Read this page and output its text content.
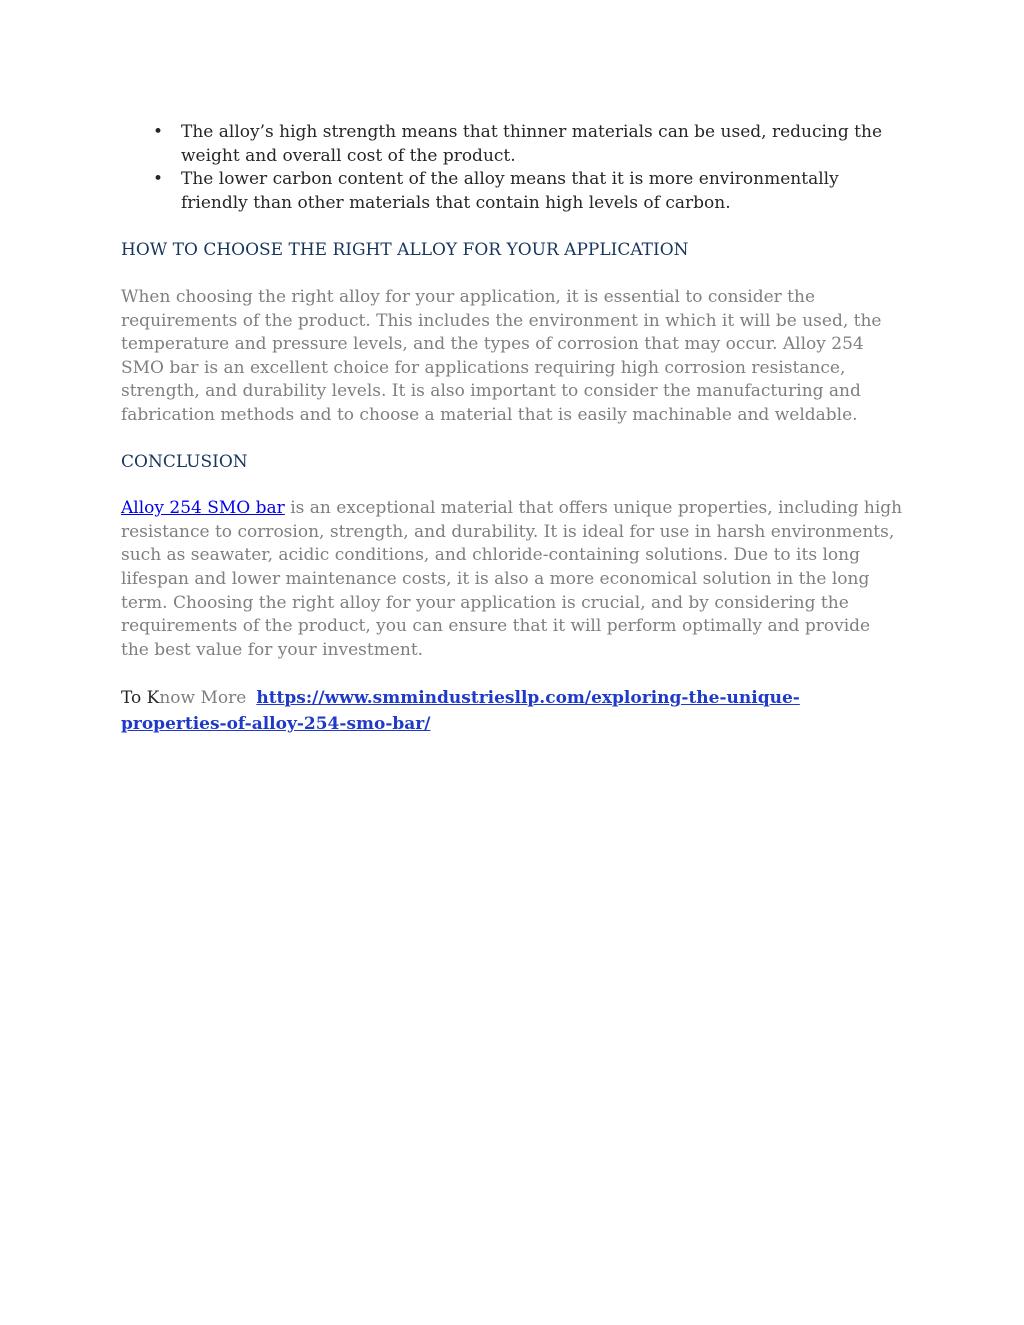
• The alloy’s high strength means that thinner materials can be used, reducing the weight and overall cost of the product.
• The lower carbon content of the alloy means that it is more environmentally friendly than other materials that contain high levels of carbon.
HOW TO CHOOSE THE RIGHT ALLOY FOR YOUR APPLICATION

When choosing the right alloy for your application, it is essential to consider the requirements of the product. This includes the environment in which it will be used, the temperature and pressure levels, and the types of corrosion that may occur. Alloy 254 SMO bar is an excellent choice for applications requiring high corrosion resistance, strength, and durability levels. It is also important to consider the manufacturing and fabrication methods and to choose a material that is easily machinable and weldable.

CONCLUSION

Alloy 254 SMO bar is an exceptional material that offers unique properties, including high resistance to corrosion, strength, and durability. It is ideal for use in harsh environments, such as seawater, acidic conditions, and chloride-containing solutions. Due to its long lifespan and lower maintenance costs, it is also a more economical solution in the long term. Choosing the right alloy for your application is crucial, and by considering the requirements of the product, you can ensure that it will perform optimally and provide the best value for your investment.

To Know More https://www.smmindustriesllp.com/exploring-the-unique-properties-of-alloy-254-smo-bar/
